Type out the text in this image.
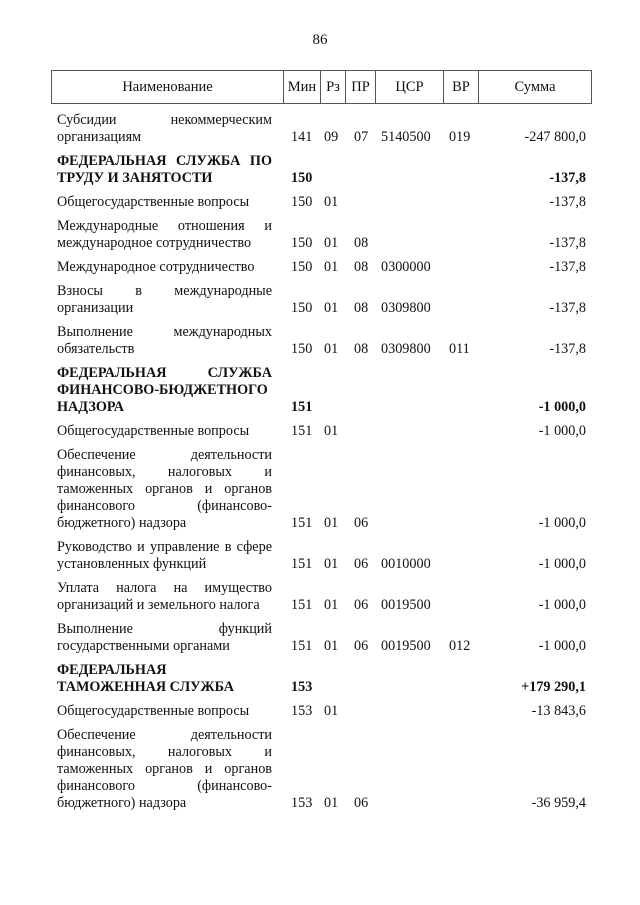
86
Наименование	Мин Рз ПР	ЦСР	ВР	Сумма
Субсидии некоммерческим организациям	141 09 07 5140500 019	-247 800,0
ФЕДЕРАЛЬНАЯ СЛУЖБА ПО ТРУДУ И ЗАНЯТОСТИ	150	-137,8
Общегосударственные вопросы	150 01	-137,8
Международные отношения и международное сотрудничество	150 01 08	-137,8
Международное сотрудничество	150 01 08 0300000	-137,8
Взносы в международные организации	150 01 08 0309800	-137,8
Выполнение международных обязательств	150 01 08 0309800 011	-137,8
ФЕДЕРАЛЬНАЯ СЛУЖБА ФИНАНСОВО-БЮДЖЕТНОГО НАДЗОРА	151	-1 000,0
Общегосударственные вопросы	151 01	-1 000,0
Обеспечение деятельности финансовых, налоговых и таможенных органов и органов финансового (финансово-бюджетного) надзора	151 01 06	-1 000,0
Руководство и управление в сфере установленных функций	151 01 06 0010000	-1 000,0
Уплата налога на имущество организаций и земельного налога	151 01 06 0019500	-1 000,0
Выполнение функций государственными органами	151 01 06 0019500 012	-1 000,0
ФЕДЕРАЛЬНАЯ ТАМОЖЕННАЯ СЛУЖБА	153	+179 290,1
Общегосударственные вопросы	153 01	-13 843,6
Обеспечение деятельности финансовых, налоговых и таможенных органов и органов финансового (финансово-бюджетного) надзора	153 01 06	-36 959,4
